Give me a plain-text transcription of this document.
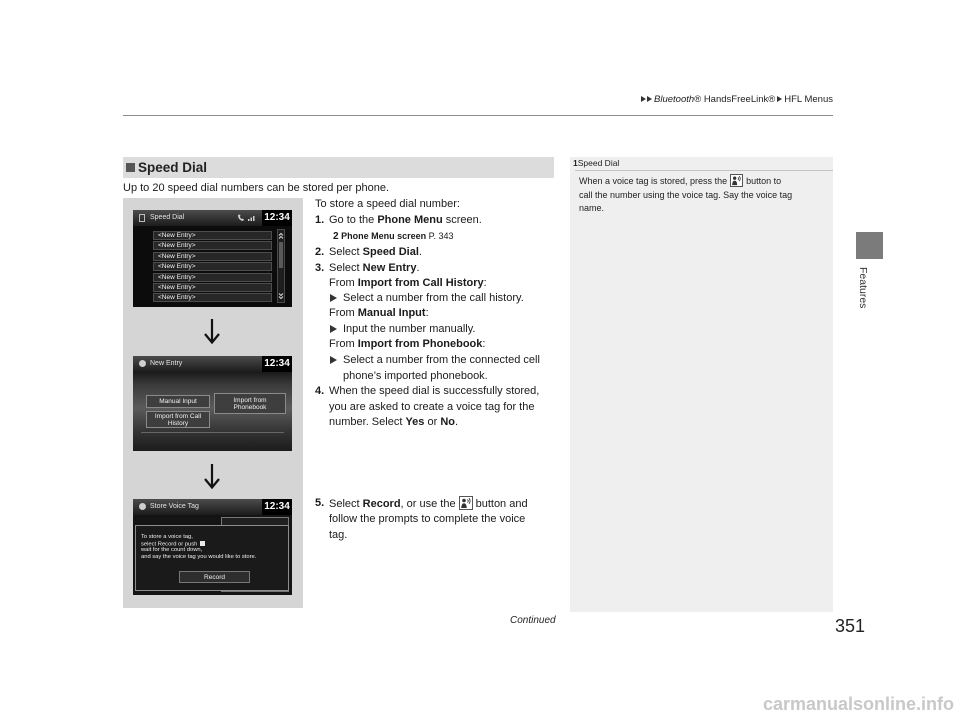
Bluetooth® HandsFreeLink® HFL Menus
Features
Speed Dial
Up to 20 speed dial numbers can be stored per phone.
Speed Dial	12:34
<New Entry>
<New Entry>
<New Entry>
<New Entry>
<New Entry>
<New Entry>
<New Entry>
New Entry	12:34
Manual Input	Import from
Phonebook
Import from Call
History
Store Voice Tag	12:34
To store a voice tag,
select Record or push
wait for the count down,
and say the voice tag you would like to store.
Record
To store a speed dial number:
1. Go to the Phone Menu screen.
2 Phone Menu screen P. 343
2. Select Speed Dial.
3. Select New Entry.
From Import from Call History:
Select a number from the call history.
From Manual Input:
Input the number manually.
From Import from Phonebook:
Select a number from the connected cell
phone’s imported phonebook.
4. When the speed dial is successfully stored,
you are asked to create a voice tag for the
number. Select Yes or No.
5. Select Record, or use the button and
follow the prompts to complete the voice
tag.
1Speed Dial
When a voice tag is stored, press the button to
call the number using the voice tag. Say the voice tag
name.
Continued	351
carmanualsonline.info
